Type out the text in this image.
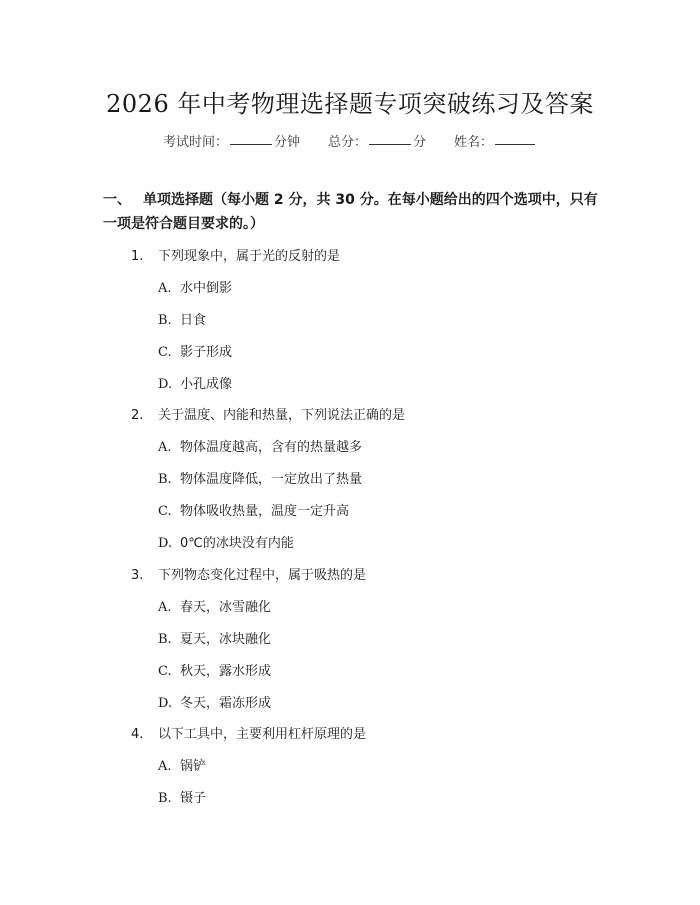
2026 年中考物理选择题专项突破练习及答案
考试时间：	分钟 总分：	分 姓名：
一、 单项选择题（每小题 2 分，共 30 分。在每小题给出的四个选项中，只有一项是符合题目要求的。）
1. 下列现象中，属于光的反射的是
A. 水中倒影
B. 日食
C. 影子形成
D. 小孔成像
2. 关于温度、内能和热量，下列说法正确的是
A. 物体温度越高，含有的热量越多
B. 物体温度降低，一定放出了热量
C. 物体吸收热量，温度一定升高
D. 0℃的冰块没有内能
3. 下列物态变化过程中，属于吸热的是
A. 春天，冰雪融化
B. 夏天，冰块融化
C. 秋天，露水形成
D. 冬天，霜冻形成
4. 以下工具中，主要利用杠杆原理的是
A. 锅铲
B. 镊子
